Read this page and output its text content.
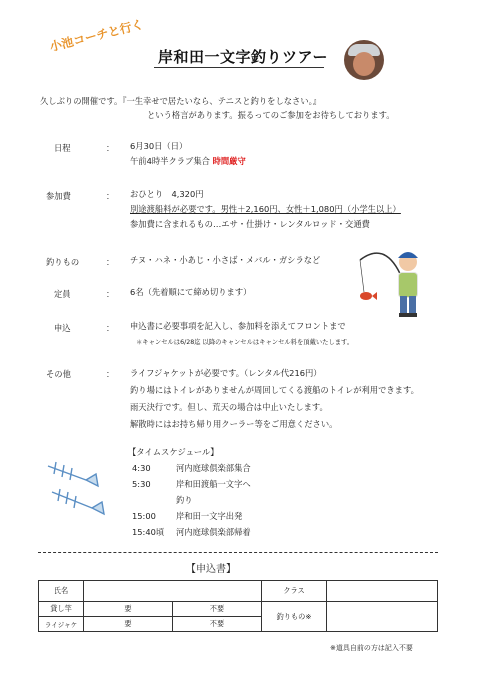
小池コーチと行く
岸和田一文字釣りツアー
久しぶりの開催です。『一生幸せで居たいなら、テニスと釣りをしなさい。』
という格言があります。振るってのご参加をお待ちしております。
日程	： 6月30日（日）
午前4時半クラブ集合 時間厳守
参加費	： おひとり　4,320円
別途渡船料が必要です。男性＋2,160円、女性＋1,080円（小学生以上）
参加費に含まれるもの…エサ・仕掛け・レンタルロッド・交通費
釣りもの	： チヌ・ハネ・小あじ・小さば・メバル・ガシラなど
定員	： 6名（先着順にて締め切ります）
申込	： 申込書に必要事項を記入し、参加料を添えてフロントまで
＊キャンセルは6/28迄 以降のキャンセルはキャンセル料を頂戴いたします。
その他	： ライフジャケットが必要です。（レンタル代216円）
釣り場にはトイレがありませんが周回してくる渡船のトイレが利用できます。
雨天決行です。但し、荒天の場合は中止いたします。
解散時にはお持ち帰り用クーラー等をご用意ください。
【タイムスケジュール】
4:30	河内庭球倶楽部集合
5:30	岸和田渡船一文字へ
釣り
15:00 岸和田一文字出発
15:40頃 河内庭球倶楽部帰着
【申込書】
氏名			クラス	
貸し竿	要	不要	釣りもの※	
ライジャケ	要	不要		
※道具自前の方は記入不要
